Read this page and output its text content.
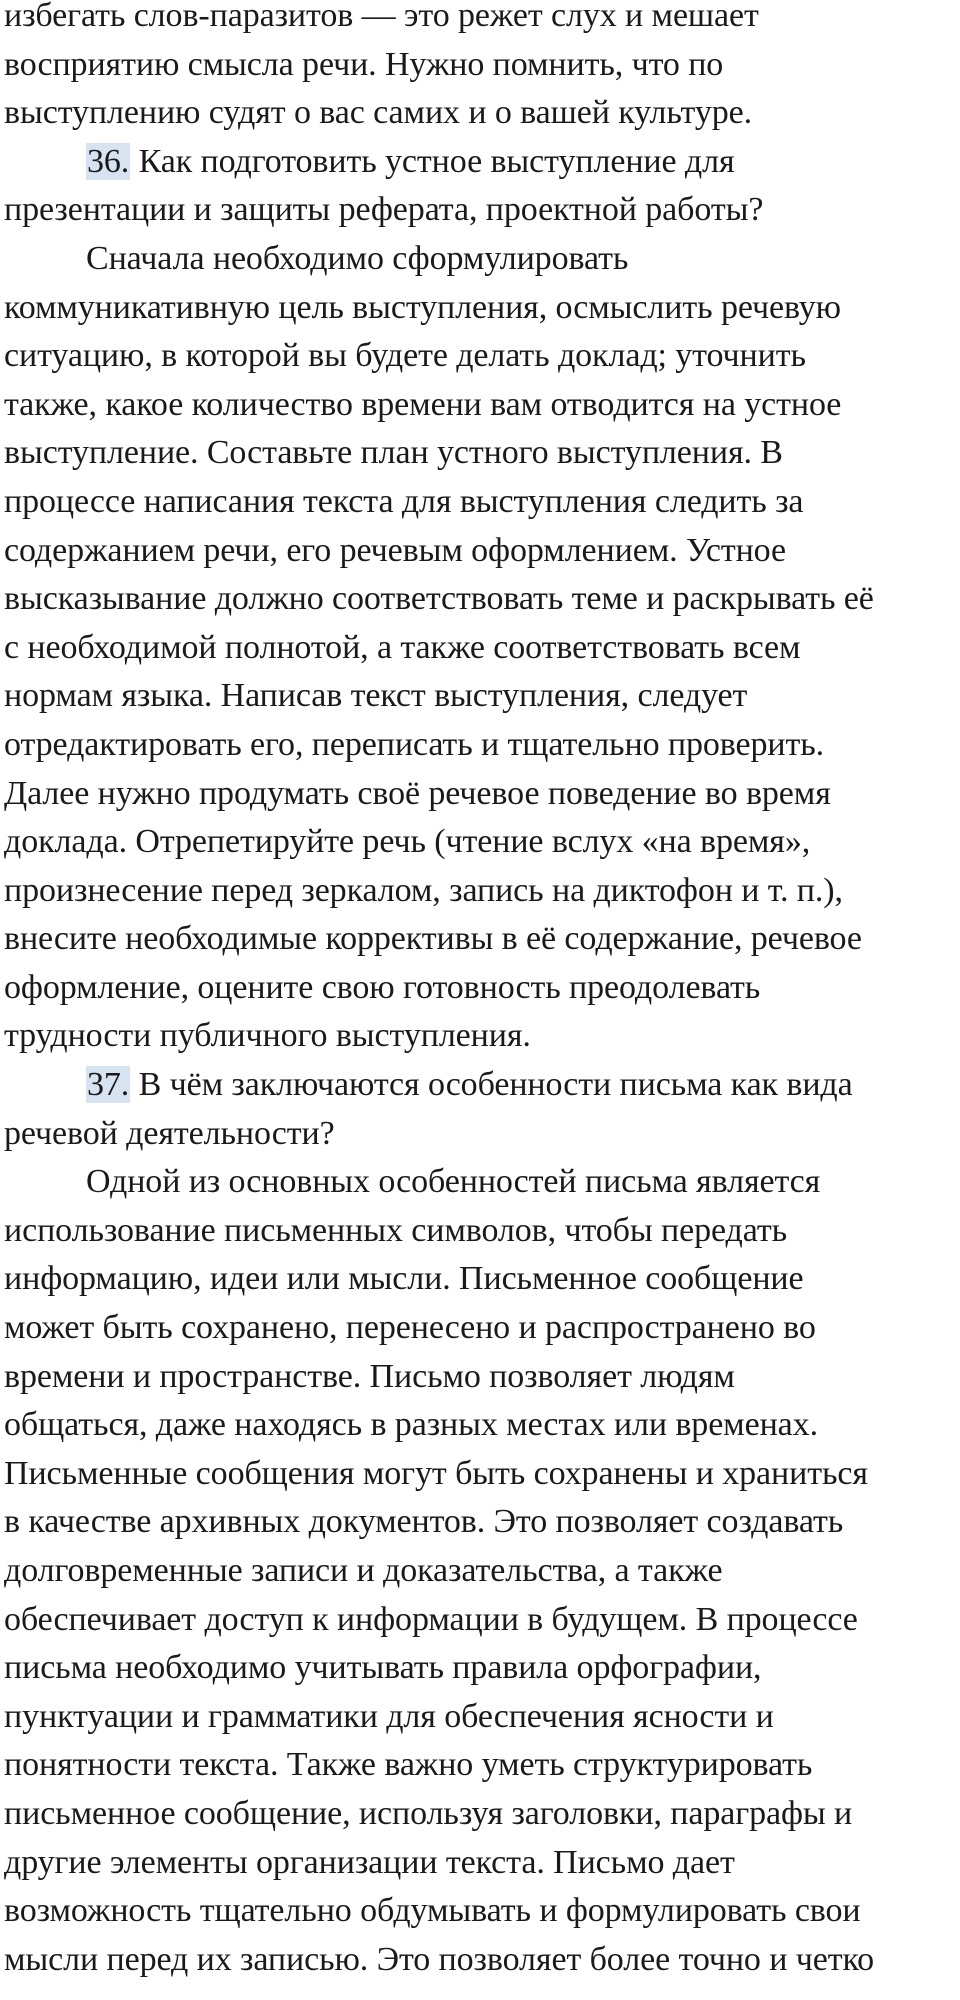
избегать слов-паразитов — это режет слух и мешает
восприятию смысла речи. Нужно помнить, что по
выступлению судят о вас самих и о вашей культуре.
36. Как подготовить устное выступление для
презентации и защиты реферата, проектной работы?
Сначала необходимо сформулировать
коммуникативную цель выступления, осмыслить речевую
ситуацию, в которой вы будете делать доклад; уточнить
также, какое количество времени вам отводится на устное
выступление. Составьте план устного выступления. В
процессе написания текста для выступления следить за
содержанием речи, его речевым оформлением. Устное
высказывание должно соответствовать теме и раскрывать её
с необходимой полнотой, а также соответствовать всем
нормам языка. Написав текст выступления, следует
отредактировать его, переписать и тщательно проверить.
Далее нужно продумать своё речевое поведение во время
доклада. Отрепетируйте речь (чтение вслух «на время»,
произнесение перед зеркалом, запись на диктофон и т. п.),
внесите необходимые коррективы в её содержание, речевое
оформление, оцените свою готовность преодолевать
трудности публичного выступления.
37. В чём заключаются особенности письма как вида
речевой деятельности?
Одной из основных особенностей письма является
использование письменных символов, чтобы передать
информацию, идеи или мысли. Письменное сообщение
может быть сохранено, перенесено и распространено во
времени и пространстве. Письмо позволяет людям
общаться, даже находясь в разных местах или временах.
Письменные сообщения могут быть сохранены и храниться
в качестве архивных документов. Это позволяет создавать
долговременные записи и доказательства, а также
обеспечивает доступ к информации в будущем. В процессе
письма необходимо учитывать правила орфографии,
пунктуации и грамматики для обеспечения ясности и
понятности текста. Также важно уметь структурировать
письменное сообщение, используя заголовки, параграфы и
другие элементы организации текста. Письмо дает
возможность тщательно обдумывать и формулировать свои
мысли перед их записью. Это позволяет более точно и четко
